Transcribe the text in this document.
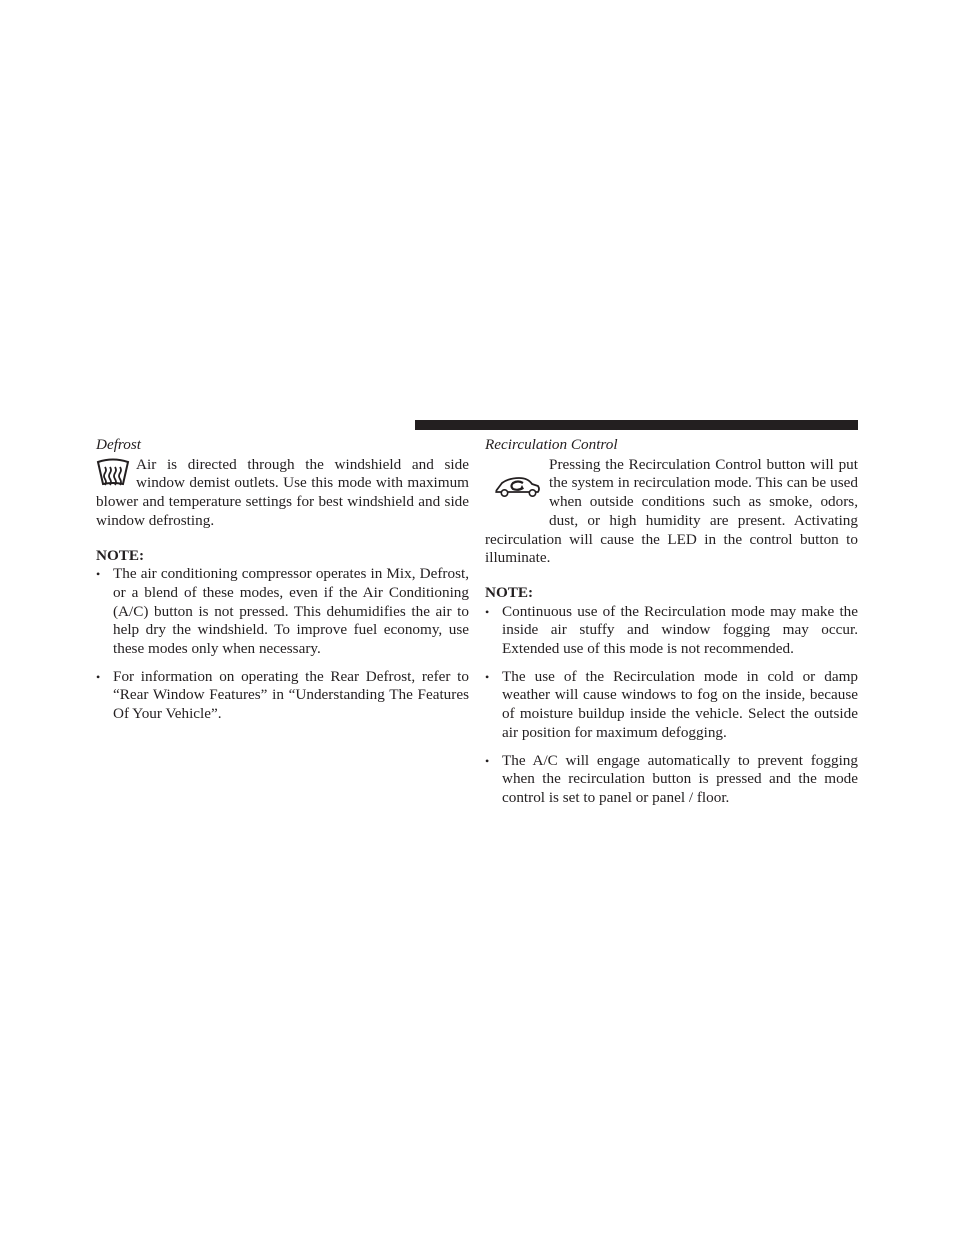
Defrost

Air is directed through the windshield and side window demist outlets. Use this mode with maximum blower and temperature settings for best windshield and side window defrosting.

NOTE:

• The air conditioning compressor operates in Mix, Defrost, or a blend of these modes, even if the Air Conditioning (A/C) button is not pressed. This dehumidifies the air to help dry the windshield. To improve fuel economy, use these modes only when necessary.
• For information on operating the Rear Defrost, refer to “Rear Window Features” in “Understanding The Features Of Your Vehicle”.

Recirculation Control

Pressing the Recirculation Control button will put the system in recirculation mode. This can be used when outside conditions such as smoke, odors, dust, or high humidity are present. Activating recirculation will cause the LED in the control button to illuminate.

NOTE:

• Continuous use of the Recirculation mode may make the inside air stuffy and window fogging may occur. Extended use of this mode is not recommended.
• The use of the Recirculation mode in cold or damp weather will cause windows to fog on the inside, because of moisture buildup inside the vehicle. Select the outside air position for maximum defogging.
• The A/C will engage automatically to prevent fogging when the recirculation button is pressed and the mode control is set to panel or panel / floor.
